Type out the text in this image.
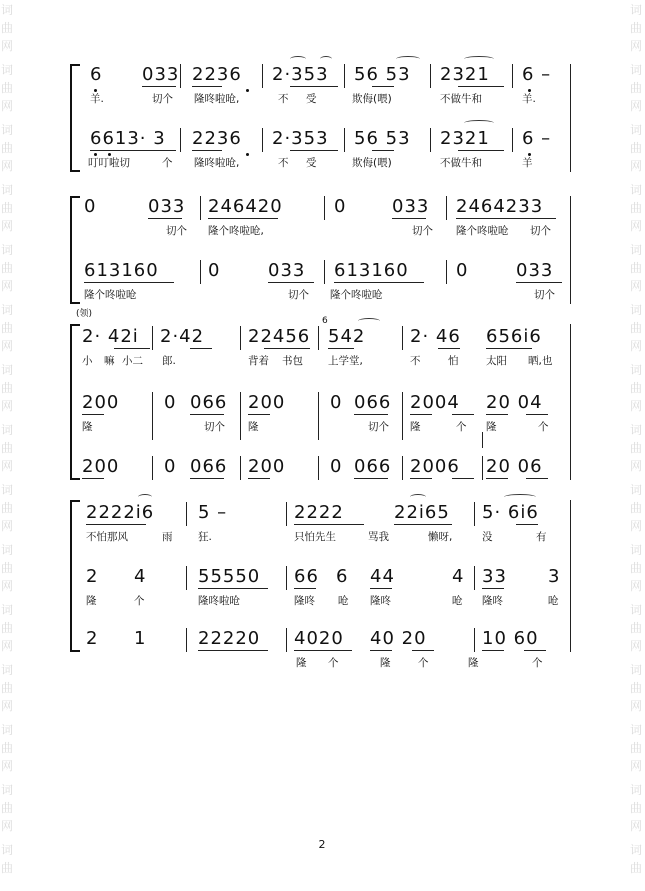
词
曲
网
词
曲
网
词
曲
网
词
曲
网
词
曲
网
词
曲
网
词
曲
网
词
曲
网
词
曲
网
词
曲
网
词
曲
网
词
曲
网
词
曲
网
词
曲
网
词
曲
词
曲
网
词
曲
网
词
曲
网
词
曲
网
词
曲
网
词
曲
网
词
曲
网
词
曲
网
词
曲
网
词
曲
网
词
曲
网
词
曲
网
词
曲
网
词
曲
网
词
曲
6 033 2236 2·353 56 53 2321 6 –
羊.	切个 隆咚啦呛,	不 受	欺侮(喂)	不做牛和	羊.
6613· 3 2236 2·353 56 53 2321 6 –
叮叮啦切	个 隆咚啦呛,	不 受	欺侮(喂)	不做牛和	羊
0	033 246420	0	033 2464233
切个 隆个咚啦呛,	切个 隆个咚啦呛 切个
613160	0	033 613160	0	033
隆个咚啦呛	切个 隆个咚啦呛	切个
(领)
6
2· 42i 2·42 22456 542 2· 46 656i6
小 嘛 小二 郎.	背着 书包 上学堂,	不	怕	太阳 晒,也
200 0 066 200 0 066 2004 20 04
隆	切个 隆	切个 隆	个 隆	个
200 0 066 200 0 066 2006 20 06
2222i6 5 –	2222	22i65 5· 6i6
不怕那风	雨 狂.	只怕先生	骂我	懒呀,	没	有
2 4	55550 66 6 44	4 33 3
隆	个	隆咚啦呛	隆咚 呛 隆咚	呛 隆咚	呛
2 1	22220 4020 40 20	10 60
隆 个	隆	个	隆	个
2
